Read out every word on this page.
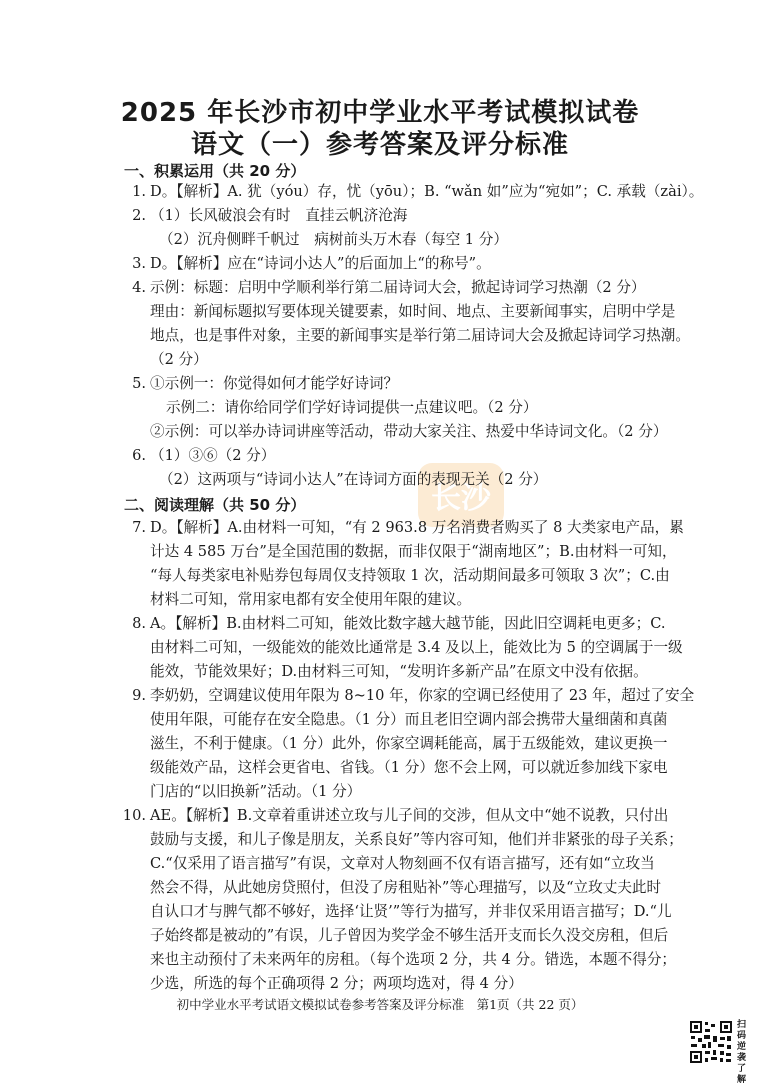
长沙
2025 年长沙市初中学业水平考试模拟试卷
语文（一）参考答案及评分标准
一、积累运用（共 20 分）
1. D。【解析】A. 犹（yóu）存，忧（yōu）；B. “wǎn 如”应为“宛如”；C. 承载（zài）。
2. （1）长风破浪会有时　直挂云帆济沧海
（2）沉舟侧畔千帆过　病树前头万木春（每空 1 分）
3. D。【解析】应在“诗词小达人”的后面加上“的称号”。
4. 示例：标题：启明中学顺利举行第二届诗词大会，掀起诗词学习热潮（2 分）
理由：新闻标题拟写要体现关键要素，如时间、地点、主要新闻事实，启明中学是
地点，也是事件对象，主要的新闻事实是举行第二届诗词大会及掀起诗词学习热潮。
（2 分）
5. ①示例一：你觉得如何才能学好诗词？
示例二：请你给同学们学好诗词提供一点建议吧。（2 分）
②示例：可以举办诗词讲座等活动，带动大家关注、热爱中华诗词文化。（2 分）
6. （1）③⑥（2 分）
（2）这两项与“诗词小达人”在诗词方面的表现无关（2 分）
二、阅读理解（共 50 分）
7. D。【解析】A.由材料一可知，“有 2 963.8 万名消费者购买了 8 大类家电产品，累
计达 4 585 万台”是全国范围的数据，而非仅限于“湖南地区”；B.由材料一可知，
“每人每类家电补贴券包每周仅支持领取 1 次，活动期间最多可领取 3 次”；C.由
材料二可知，常用家电都有安全使用年限的建议。
8. A。【解析】B.由材料二可知，能效比数字越大越节能，因此旧空调耗电更多；C.
由材料二可知，一级能效的能效比通常是 3.4 及以上，能效比为 5 的空调属于一级
能效，节能效果好；D.由材料三可知，“发明许多新产品”在原文中没有依据。
9. 李奶奶，空调建议使用年限为 8~10 年，你家的空调已经使用了 23 年，超过了安全
使用年限，可能存在安全隐患。（1 分）而且老旧空调内部会携带大量细菌和真菌
滋生，不利于健康。（1 分）此外，你家空调耗能高，属于五级能效，建议更换一
级能效产品，这样会更省电、省钱。（1 分）您不会上网，可以就近参加线下家电
门店的“以旧换新”活动。（1 分）
10. AE。【解析】B.文章着重讲述立玫与儿子间的交涉，但从文中“她不说教，只付出
鼓励与支援，和儿子像是朋友，关系良好”等内容可知，他们并非紧张的母子关系；
C.“仅采用了语言描写”有误，文章对人物刻画不仅有语言描写，还有如“立玫当
然会不得，从此她房贷照付，但没了房租贴补”等心理描写，以及“立玫丈夫此时
自认口才与脾气都不够好，选择‘让贤’”等行为描写，并非仅采用语言描写；D.“儿
子始终都是被动的”有误，儿子曾因为奖学金不够生活开支而长久没交房租，但后
来也主动预付了未来两年的房租。（每个选项 2 分，共 4 分。错选，本题不得分；
少选，所选的每个正确项得 2 分；两项均选对，得 4 分）
初中学业水平考试语文模拟试卷参考答案及评分标准　第1页（共 22 页）
扫码逆袭了解
